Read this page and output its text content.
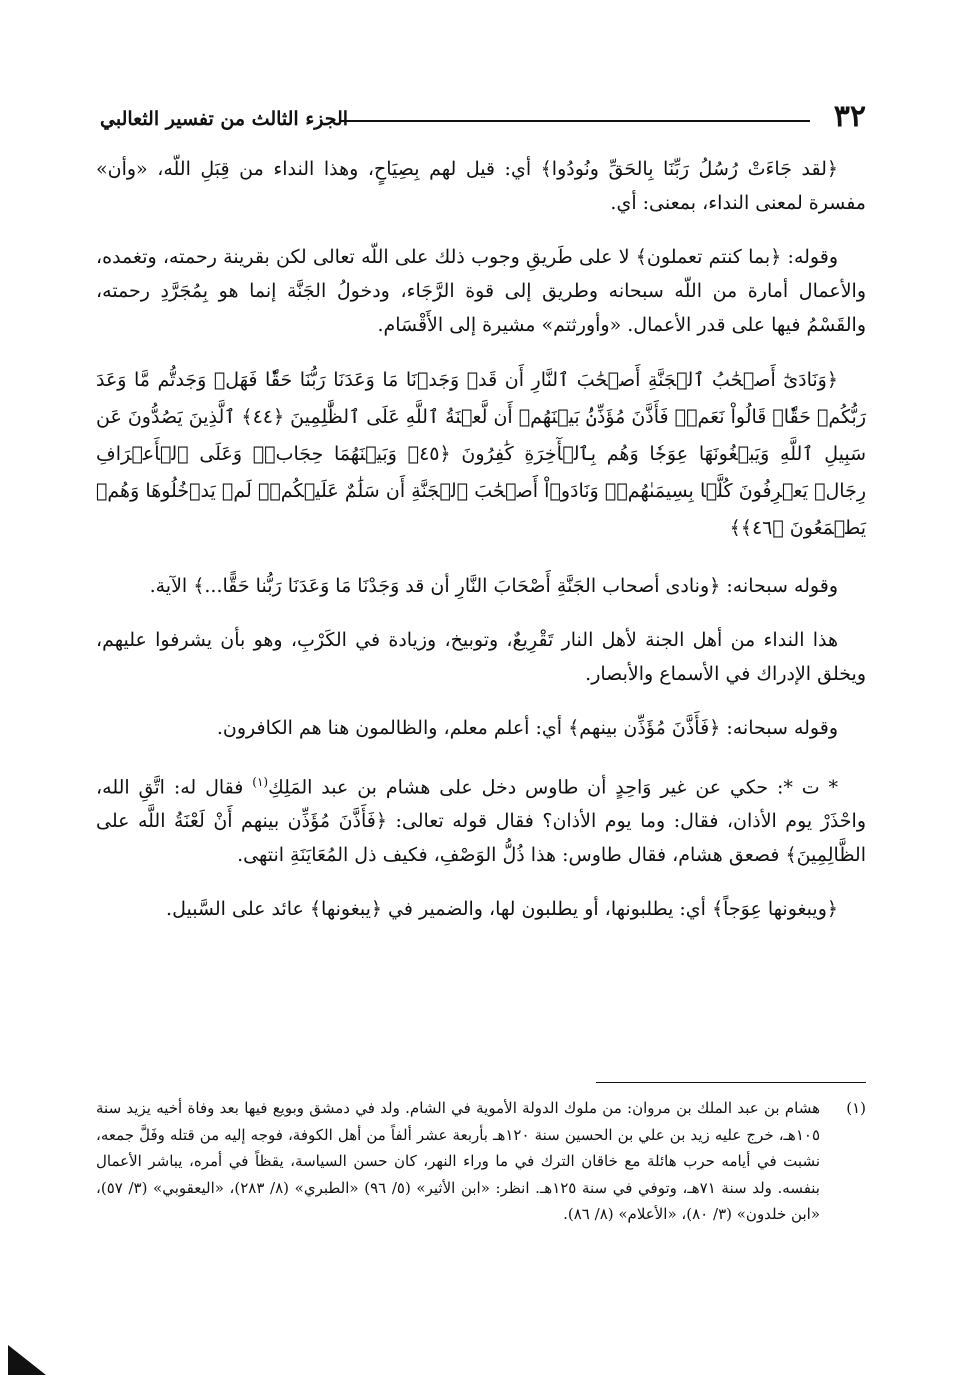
٣٢
الجزء الثالث من تفسير الثعالبي

﴿لقد جَاءَتْ رُسُلُ رَبِّنَا بِالحَقِّ ونُودُوا﴾ أي: قيل لهم بِصِيَاحٍ، وهذا النداء من قِبَلِ اللّه، «وأن» مفسرة لمعنى النداء، بمعنى: أي.

وقوله: ﴿بما كنتم تعملون﴾ لا على طَريقِ وجوب ذلك على اللّه تعالى لكن بقرينة رحمته، وتغمده، والأعمال أمارة من اللّه سبحانه وطريق إلى قوة الرَّجَاء، ودخولُ الجَنَّة إنما هو بِمُجَرَّدِ رحمته، والقَسْمُ فيها على قدر الأعمال. «وأورثتم» مشيرة إلى الأَقْسَام.

﴿وَنَادَىٰٓ أَصۡحَٰبُ ٱلۡجَنَّةِ أَصۡحَٰبَ ٱلنَّارِ أَن قَدۡ وَجَدۡنَا مَا وَعَدَنَا رَبُّنَا حَقّٗا فَهَلۡ وَجَدتُّم مَّا وَعَدَ رَبُّكُمۡ حَقّٗاۖ قَالُواْ نَعَمۡۚ فَأَذَّنَ مُؤَذِّنُۢ بَيۡنَهُمۡ أَن لَّعۡنَةُ ٱللَّهِ عَلَى ٱلظَّٰلِمِينَ ﴿٤٤﴾ ٱلَّذِينَ يَصُدُّونَ عَن سَبِيلِ ٱللَّهِ وَيَبۡغُونَهَا عِوَجٗا وَهُم بِٱلۡأٓخِرَةِ كَٰفِرُونَ ﴿٤٥﴾ وَبَيۡنَهُمَا حِجَابٞۚ وَعَلَى ٱلۡأَعۡرَافِ رِجَالٞ يَعۡرِفُونَ كُلَّۢا بِسِيمَىٰهُمۡۚ وَنَادَوۡاْ أَصۡحَٰبَ ٱلۡجَنَّةِ أَن سَلَٰمٌ عَلَيۡكُمۡۚ لَمۡ يَدۡخُلُوهَا وَهُمۡ يَطۡمَعُونَ ﴿٤٦﴾﴾

وقوله سبحانه: ﴿ونادى أصحاب الجَنَّةِ أَصْحَابَ النَّارِ أن قد وَجَدْنَا مَا وَعَدَنَا رَبُّنا حَقًّا...﴾ الآية.

هذا النداء من أهل الجنة لأهل النار تَقْرِيعٌ، وتوبيخ، وزيادة في الكَرْبِ، وهو بأن يشرفوا عليهم، ويخلق الإدراك في الأسماع والأبصار.

وقوله سبحانه: ﴿فَأَذَّنَ مُؤَذِّن بينهم﴾ أي: أعلم معلم، والظالمون هنا هم الكافرون.

* ت *: حكي عن غير وَاحِدٍ أن طاوس دخل على هشام بن عبد المَلِكِ$^{(١)}$ فقال له: اتَّقِ الله، واحْذَرْ يوم الأذان، فقال: وما يوم الأذان؟ فقال قوله تعالى: ﴿فَأَذَّنَ مُؤَذِّن بينهم أَنْ لَعْنَةُ اللَّه على الظَّالِمِينَ﴾ فصعق هشام، فقال طاوس: هذا ذُلُّ الوَصْفِ، فكيف ذل المُعَايَنَةِ انتهى.

﴿ويبغونها عِوَجاً﴾ أي: يطلبونها، أو يطلبون لها، والضمير في ﴿يبغونها﴾ عائد على السَّبيل.

(١)
هشام بن عبد الملك بن مروان: من ملوك الدولة الأموية في الشام. ولد في دمشق وبويع فيها بعد وفاة أخيه يزيد سنة ١٠٥هـ، خرج عليه زيد بن علي بن الحسين سنة ١٢٠هـ بأربعة عشر ألفاً من أهل الكوفة، فوجه إليه من قتله وفَلَّ جمعه، نشبت في أيامه حرب هائلة مع خاقان الترك في ما وراء النهر، كان حسن السياسة، يقظاً في أمره، يباشر الأعمال بنفسه. ولد سنة ٧١هـ، وتوفي في سنة ١٢٥هـ. انظر: «ابن الأثير» (٥/ ٩٦) «الطبري» (٨/ ٢٨٣)، «اليعقوبي» (٣/ ٥٧)، «ابن خلدون» (٣/ ٨٠)، «الأعلام» (٨/ ٨٦).
